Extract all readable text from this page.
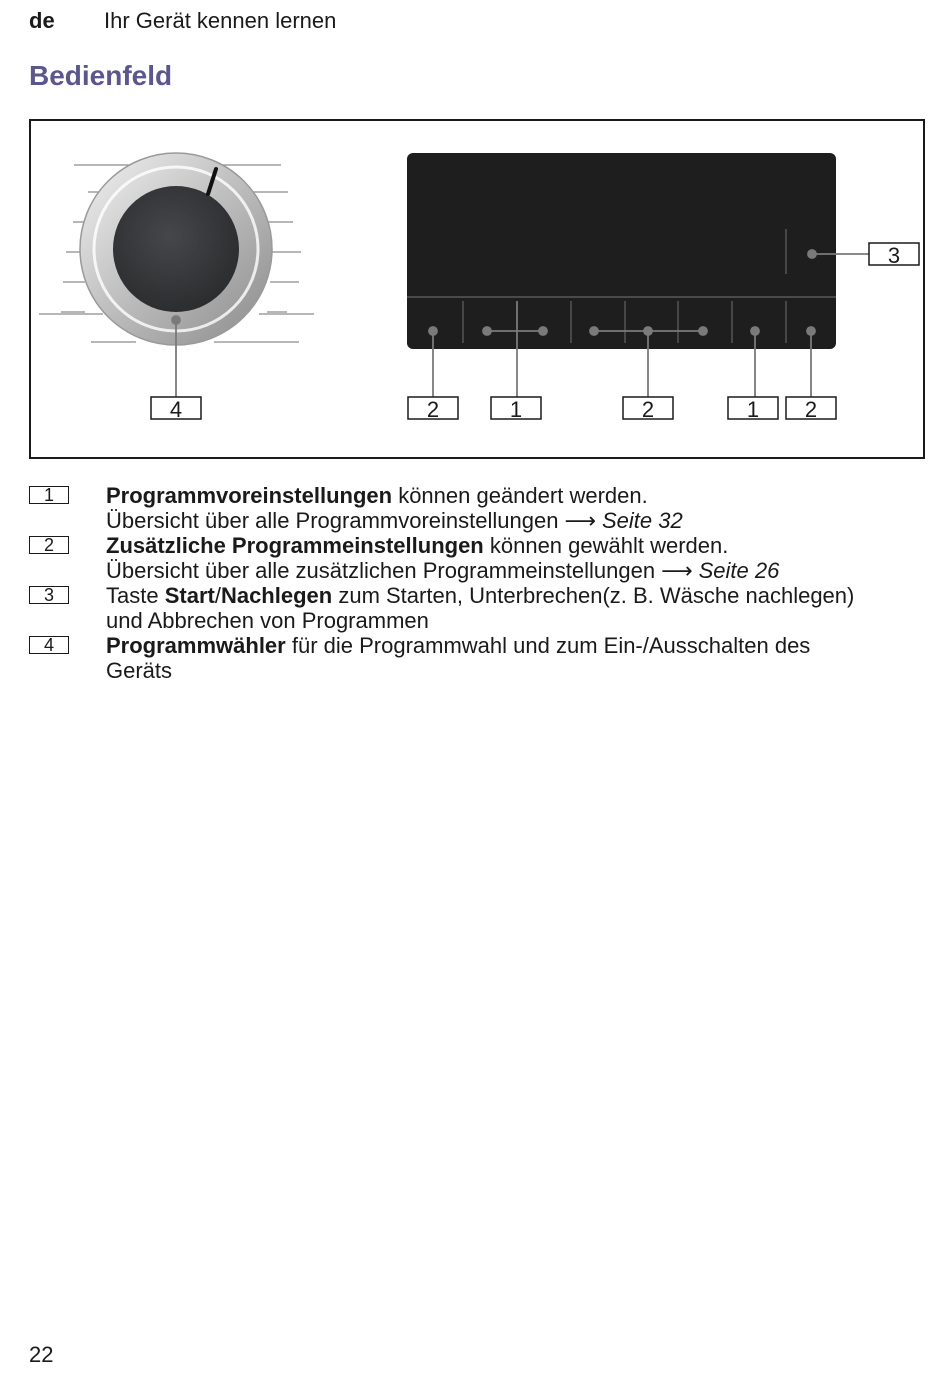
de Ihr Gerät kennen lernen
Bedienfeld
4	2	1	2	1 2
3
1	Programmvoreinstellungen können geändert werden.
Übersicht über alle Programmvoreinstellungen ⟶ Seite 32
2	Zusätzliche Programmeinstellungen können gewählt werden.
Übersicht über alle zusätzlichen Programmeinstellungen ⟶ Seite 26
3	Taste Start/Nachlegen zum Starten, Unterbrechen(z. B. Wäsche nachlegen)
und Abbrechen von Programmen
4	Programmwähler für die Programmwahl und zum Ein-/Ausschalten des
Geräts
22
